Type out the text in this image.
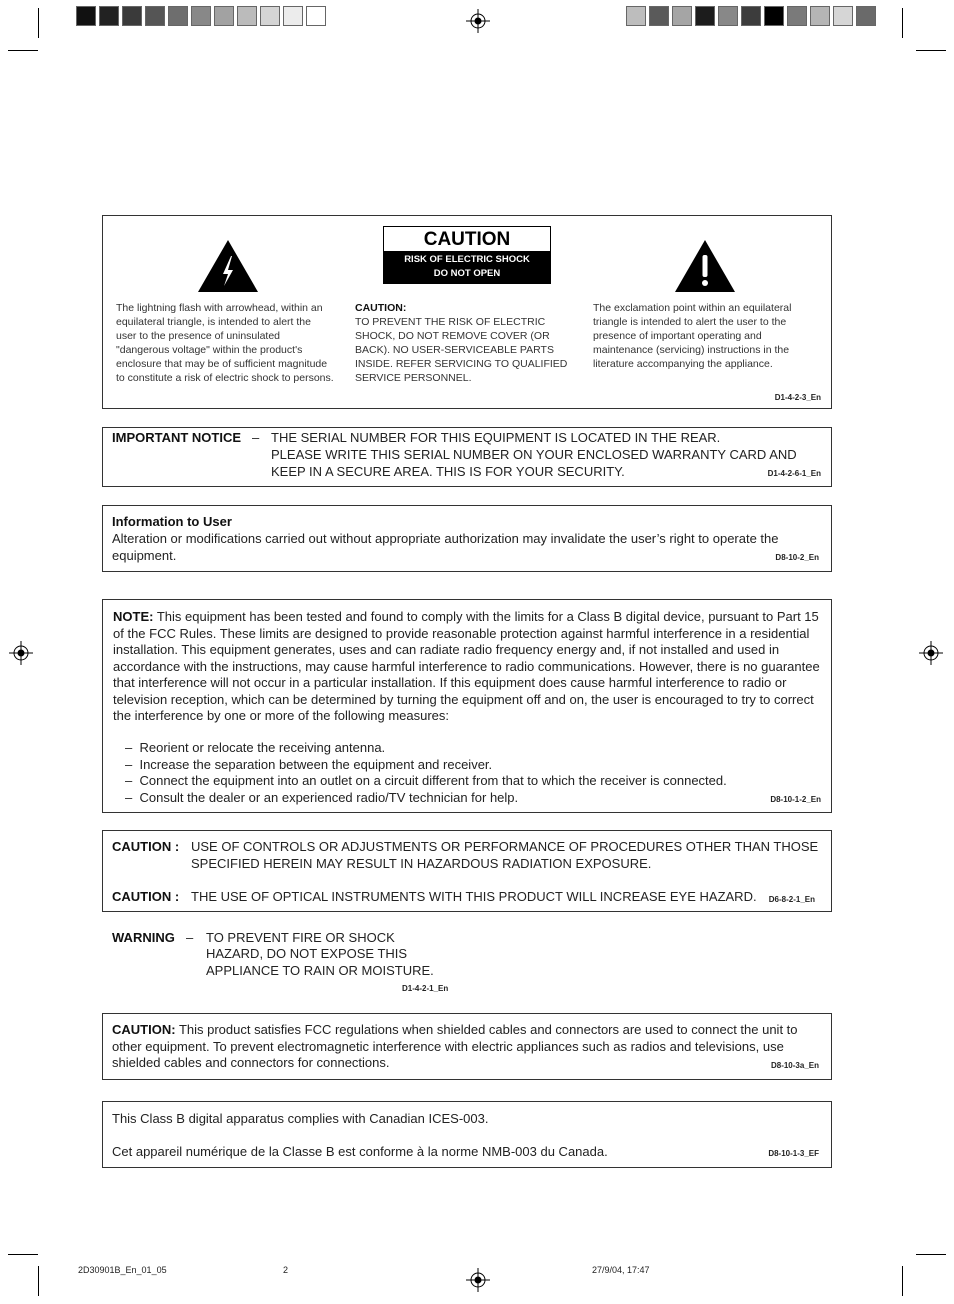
CAUTION
RISK OF ELECTRIC SHOCK
DO NOT OPEN
The lightning flash with arrowhead, within an equilateral triangle, is intended to alert the user to the presence of uninsulated "dangerous voltage" within the product's enclosure that may be of sufficient magnitude to constitute a risk of electric shock to persons.
CAUTION:
TO PREVENT THE RISK OF ELECTRIC SHOCK, DO NOT REMOVE COVER (OR BACK). NO USER-SERVICEABLE PARTS INSIDE. REFER SERVICING TO QUALIFIED SERVICE PERSONNEL.
The exclamation point within an equilateral triangle is intended to alert the user to the presence of important operating and maintenance (servicing) instructions in the literature accompanying the appliance.
D1-4-2-3_En
IMPORTANT NOTICE – THE SERIAL NUMBER FOR THIS EQUIPMENT IS LOCATED IN THE REAR.
PLEASE WRITE THIS SERIAL NUMBER ON YOUR ENCLOSED WARRANTY CARD AND
KEEP IN A SECURE AREA. THIS IS FOR YOUR SECURITY.	D1-4-2-6-1_En
Information to User
Alteration or modifications carried out without appropriate authorization may invalidate the user’s right to operate the equipment.	D8-10-2_En
NOTE: This equipment has been tested and found to comply with the limits for a Class B digital device, pursuant to Part 15 of the FCC Rules. These limits are designed to provide reasonable protection against harmful interference in a residential installation. This equipment generates, uses and can radiate radio frequency energy and, if not installed and used in accordance with the instructions, may cause harmful interference to radio communications. However, there is no guarantee that interference will not occur in a particular installation. If this equipment does cause harmful interference to radio or television reception, which can be determined by turning the equipment off and on, the user is encouraged to try to correct the interference by one or more of the following measures:
– Reorient or relocate the receiving antenna.
– Increase the separation between the equipment and receiver.
– Connect the equipment into an outlet on a circuit different from that to which the receiver is connected.
– Consult the dealer or an experienced radio/TV technician for help.	D8-10-1-2_En
CAUTION : USE OF CONTROLS OR ADJUSTMENTS OR PERFORMANCE OF PROCEDURES OTHER THAN THOSE SPECIFIED HEREIN MAY RESULT IN HAZARDOUS RADIATION EXPOSURE.
CAUTION : THE USE OF OPTICAL INSTRUMENTS WITH THIS PRODUCT WILL INCREASE EYE HAZARD. D6-8-2-1_En
WARNING – TO PREVENT FIRE OR SHOCK
HAZARD, DO NOT EXPOSE THIS
APPLIANCE TO RAIN OR MOISTURE.
D1-4-2-1_En
CAUTION: This product satisfies FCC regulations when shielded cables and connectors are used to connect the unit to other equipment. To prevent electromagnetic interference with electric appliances such as radios and televisions, use shielded cables and connectors for connections.	D8-10-3a_En
This Class B digital apparatus complies with Canadian ICES-003.
Cet appareil numérique de la Classe B est conforme à la norme NMB-003 du Canada.	D8-10-1-3_EF
2D30901B_En_01_05	2	27/9/04, 17:47
